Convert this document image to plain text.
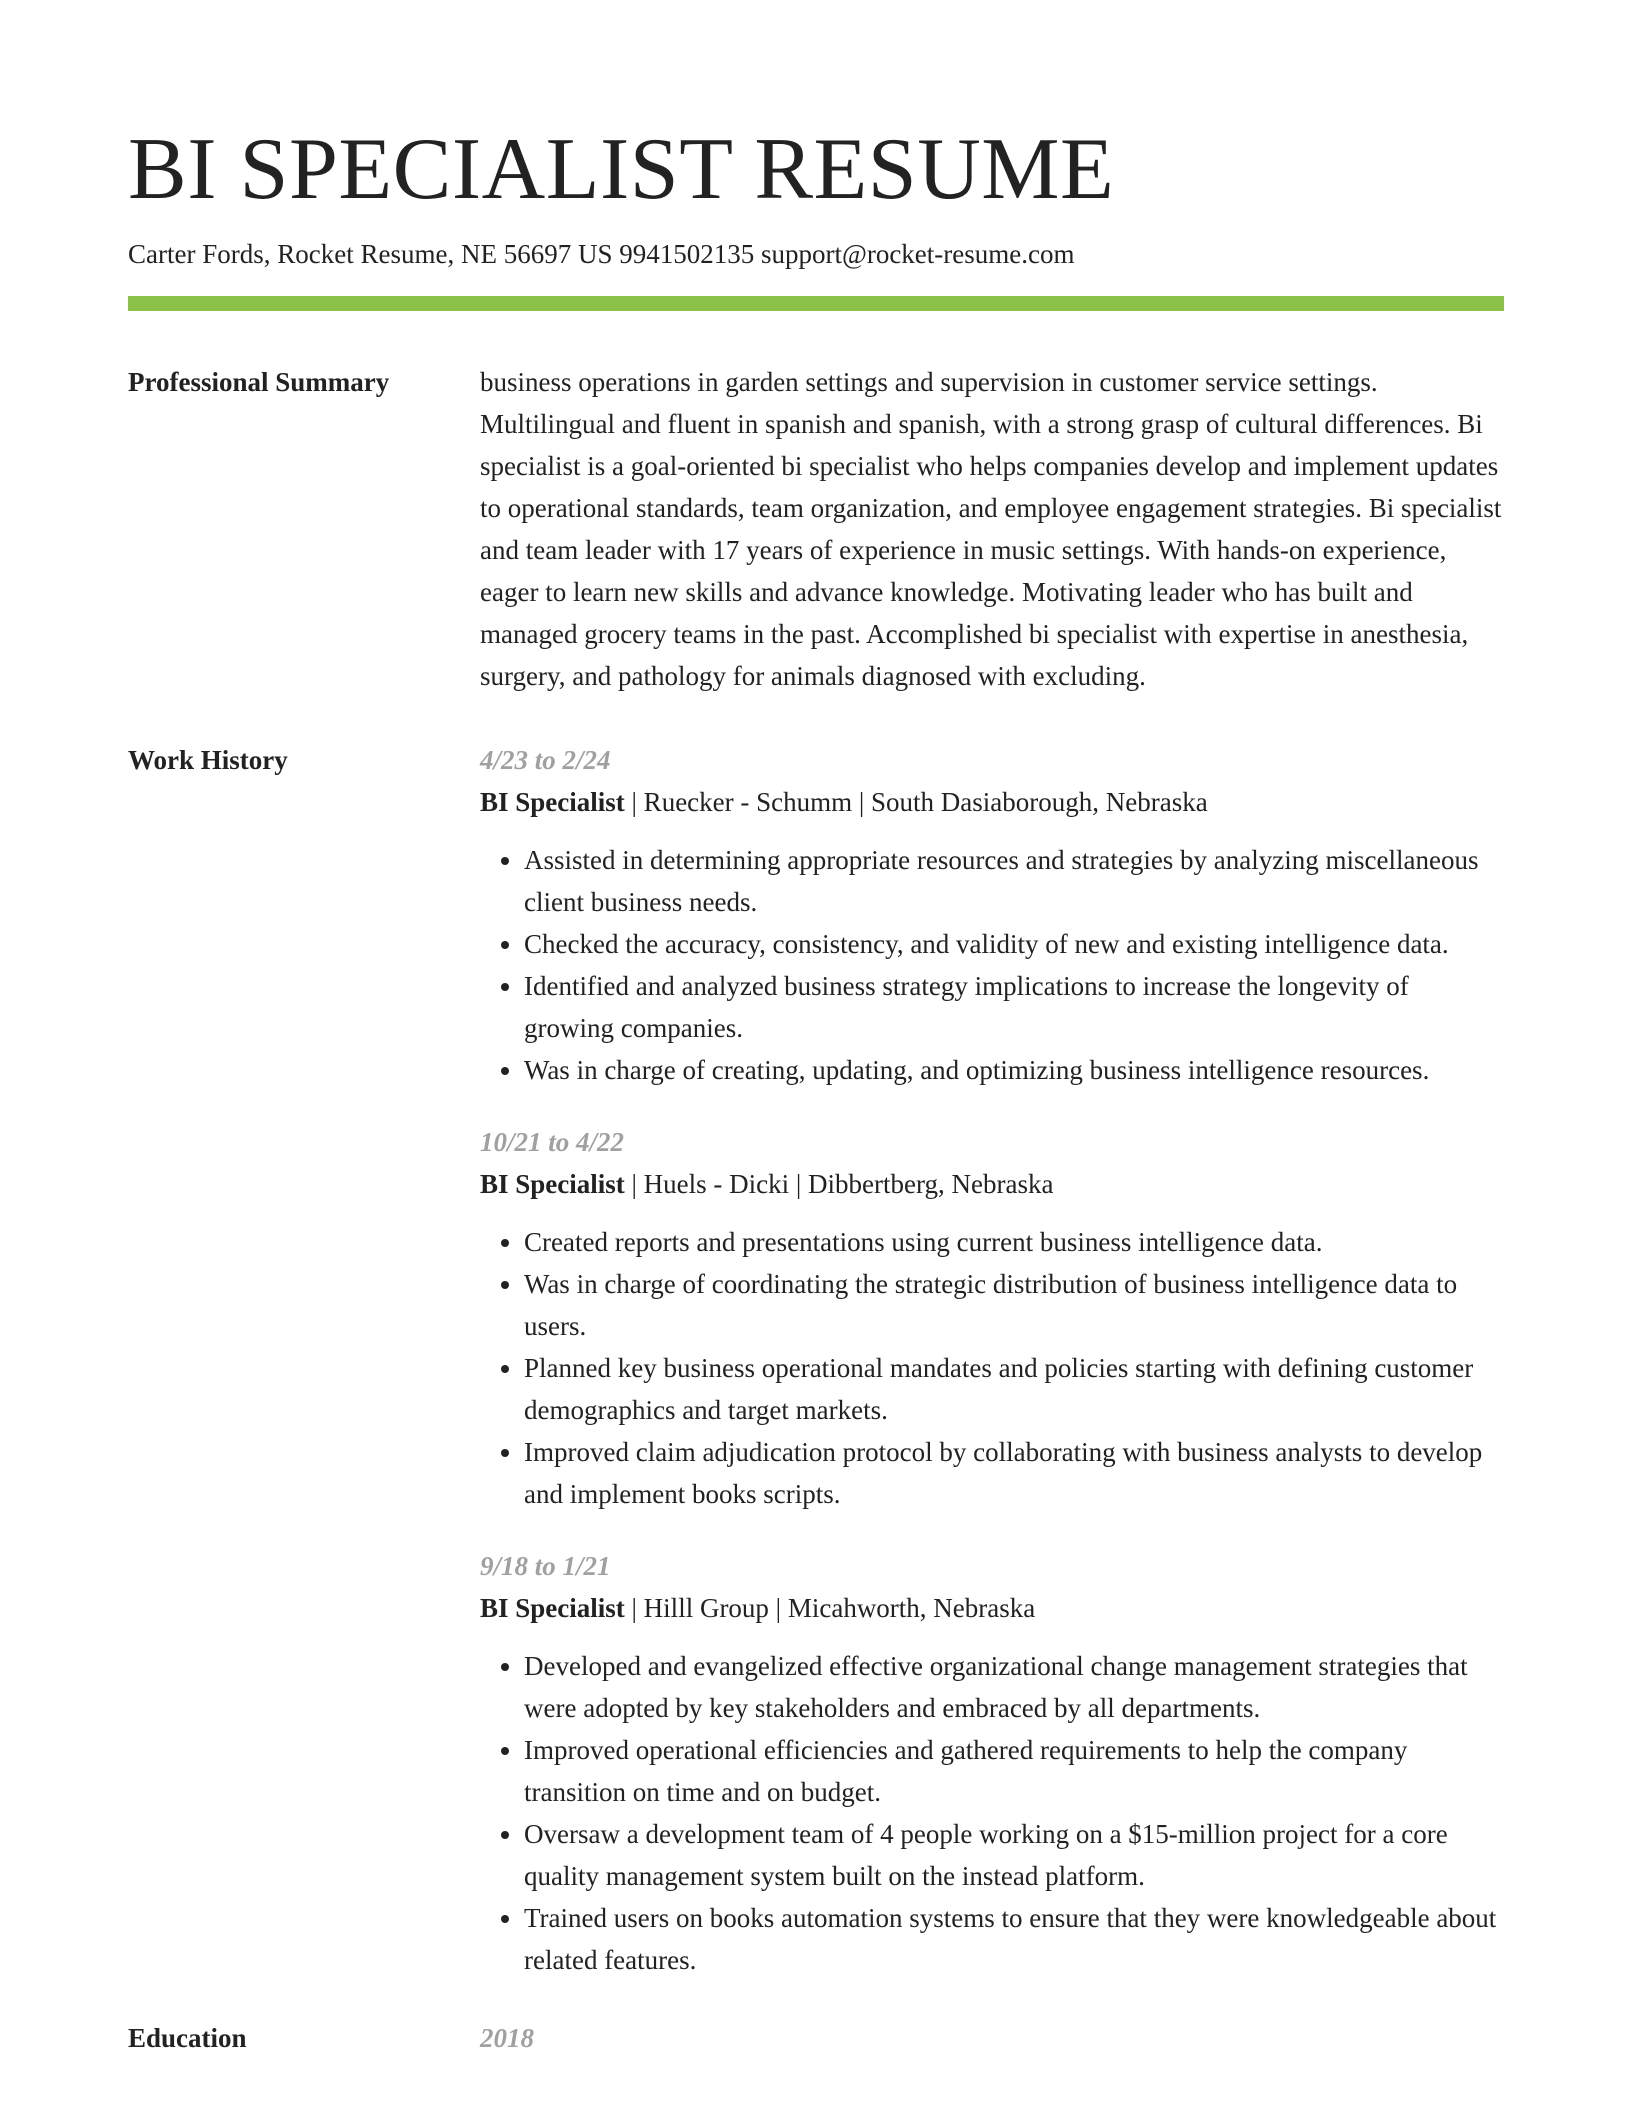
BI SPECIALIST RESUME
Carter Fords, Rocket Resume, NE 56697 US 9941502135 support@rocket-resume.com
Professional Summary	business operations in garden settings and supervision in customer service settings. Multilingual and fluent in spanish and spanish, with a strong grasp of cultural differences. Bi specialist is a goal-oriented bi specialist who helps companies develop and implement updates to operational standards, team organization, and employee engagement strategies. Bi specialist and team leader with 17 years of experience in music settings. With hands-on experience, eager to learn new skills and advance knowledge. Motivating leader who has built and managed grocery teams in the past. Accomplished bi specialist with expertise in anesthesia, surgery, and pathology for animals diagnosed with excluding.

Work History	4/23 to 2/24
BI Specialist | Ruecker - Schumm | South Dasiaborough, Nebraska
• Assisted in determining appropriate resources and strategies by analyzing miscellaneous client business needs.
• Checked the accuracy, consistency, and validity of new and existing intelligence data.
• Identified and analyzed business strategy implications to increase the longevity of growing companies.
• Was in charge of creating, updating, and optimizing business intelligence resources.
10/21 to 4/22
BI Specialist | Huels - Dicki | Dibbertberg, Nebraska
• Created reports and presentations using current business intelligence data.
• Was in charge of coordinating the strategic distribution of business intelligence data to users.
• Planned key business operational mandates and policies starting with defining customer demographics and target markets.
• Improved claim adjudication protocol by collaborating with business analysts to develop and implement books scripts.
9/18 to 1/21
BI Specialist | Hilll Group | Micahworth, Nebraska
• Developed and evangelized effective organizational change management strategies that were adopted by key stakeholders and embraced by all departments.
• Improved operational efficiencies and gathered requirements to help the company transition on time and on budget.
• Oversaw a development team of 4 people working on a $15-million project for a core quality management system built on the instead platform.
• Trained users on books automation systems to ensure that they were knowledgeable about related features.
Education	2018
